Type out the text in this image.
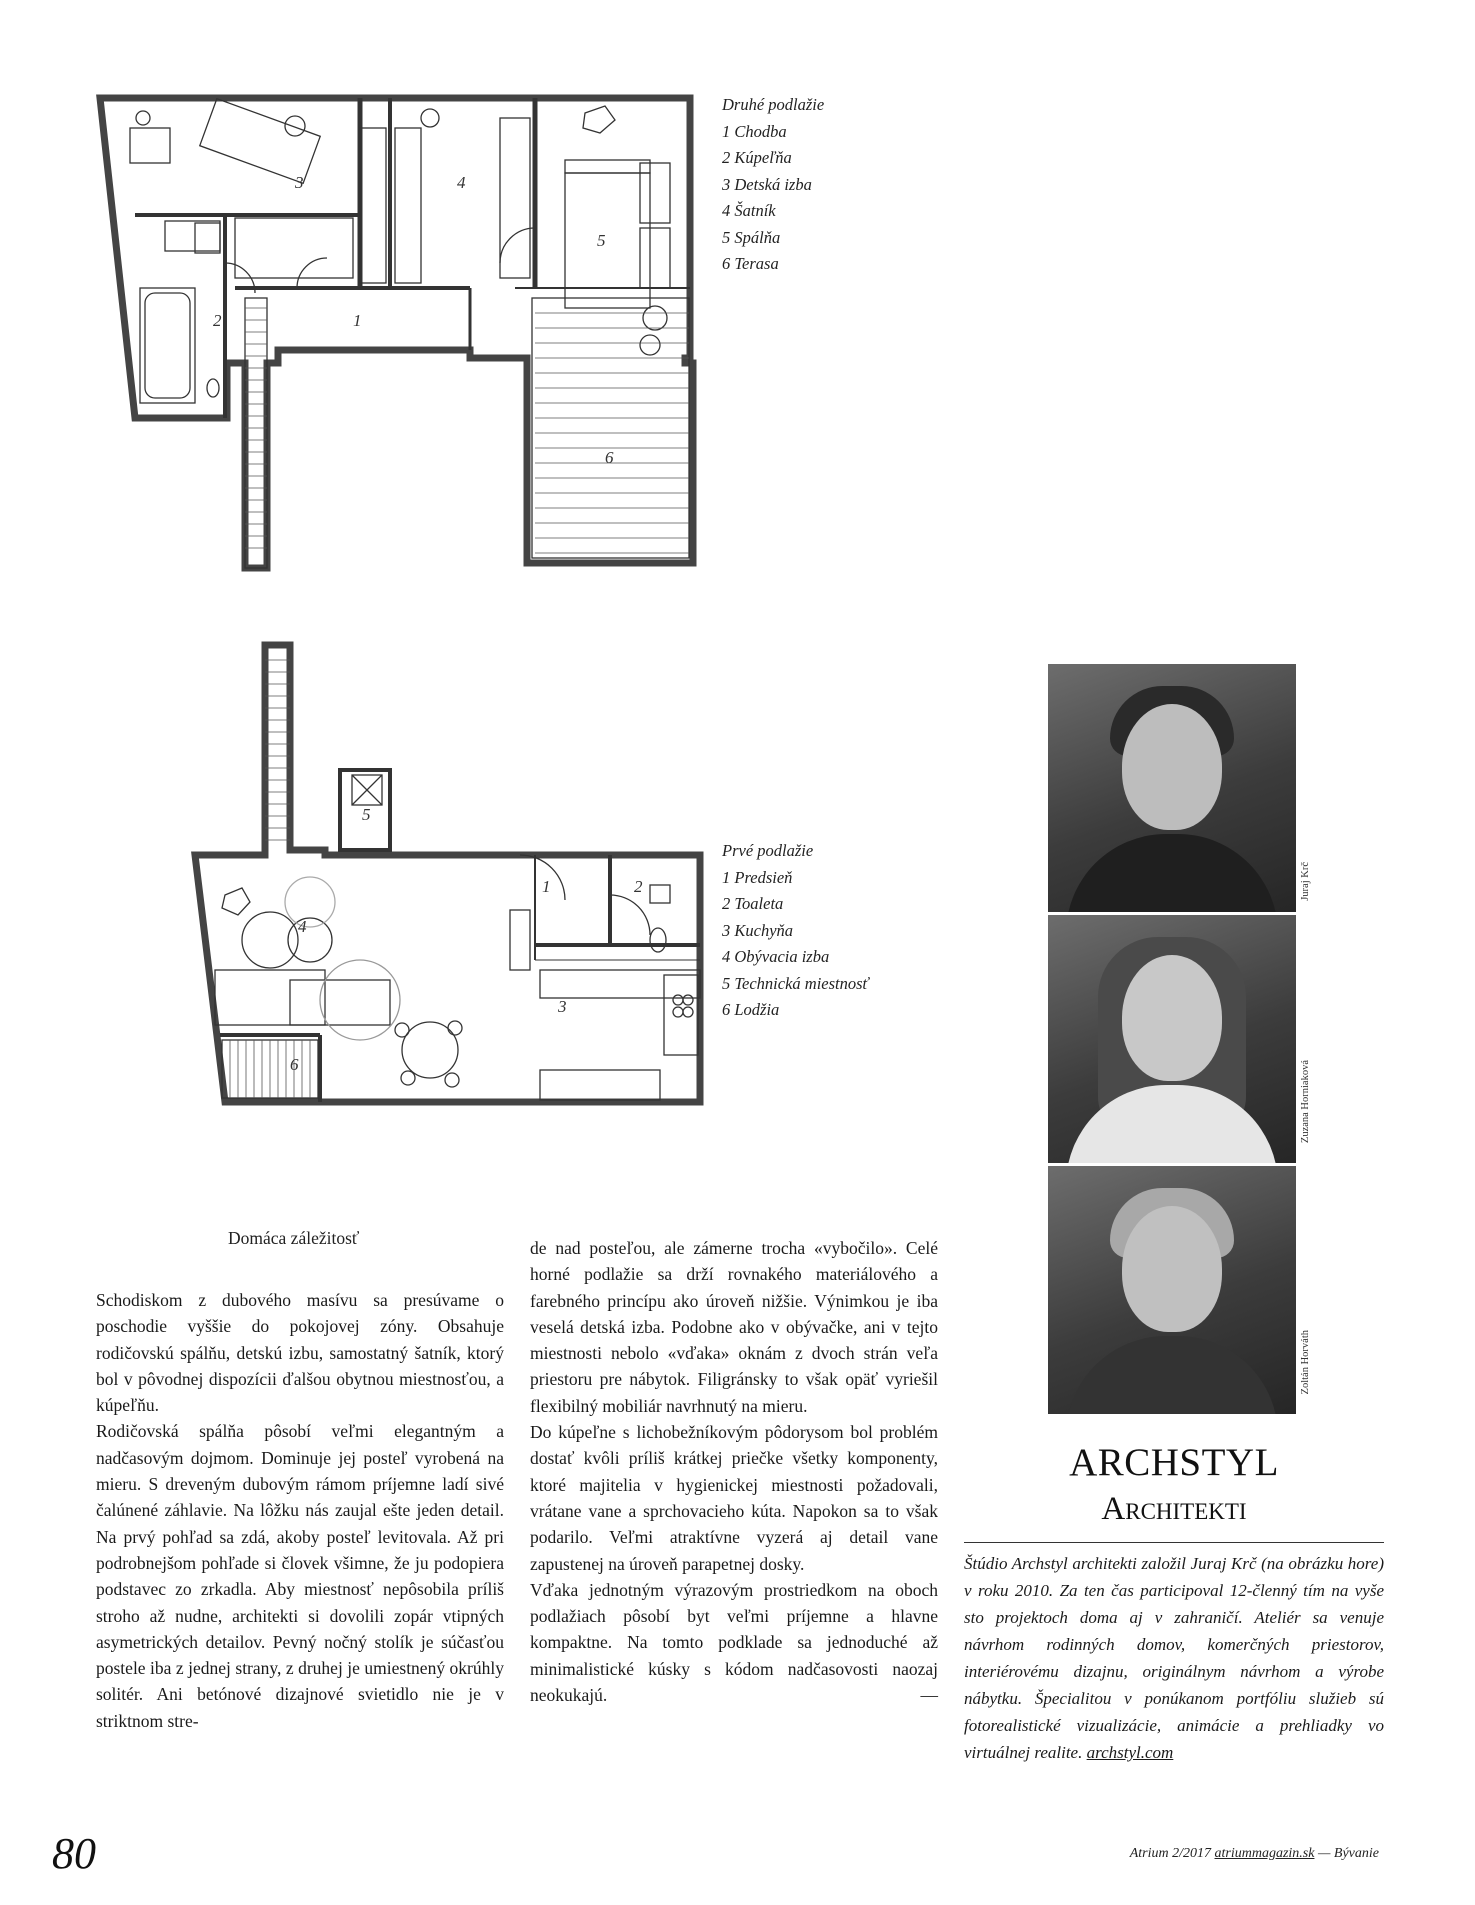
1
2
3	4
5
6
Druhé podlažie
1 Chodba
2 Kúpeľňa
3 Detská izba
4 Šatník
5 Spálňa
6 Terasa
1	2
3
4
5
6
Prvé podlažie
1 Predsieň
2 Toaleta
3 Kuchyňa
4 Obývacia izba
5 Technická miestnosť
6 Lodžia
Juraj Krč
Zuzana Horniaková
Zoltán Horváth
Domáca záležitosť

Schodiskom z dubového masívu sa presúvame o poschodie vyššie do pokojovej zóny. Obsahuje rodičovskú spálňu, detskú izbu, samostatný šatník, ktorý bol v pôvodnej dispozícii ďalšou obytnou miestnosťou, a kúpeľňu.

Rodičovská spálňa pôsobí veľmi elegantným a nadčasovým dojmom. Dominuje jej posteľ vyrobená na mieru. S dreveným dubovým rámom príjemne ladí sivé čalúnené záhlavie. Na lôžku nás zaujal ešte jeden detail. Na prvý pohľad sa zdá, akoby posteľ levitovala. Až pri podrobnejšom pohľade si človek všimne, že ju podopiera podstavec zo zrkadla. Aby miestnosť nepôsobila príliš stroho až nudne, architekti si dovolili zopár vtipných asymetrických detailov. Pevný nočný stolík je súčasťou postele iba z jednej strany, z druhej je umiestnený okrúhly solitér. Ani betónové dizajnové svietidlo nie je v striktnom stre-

de nad posteľou, ale zámerne trocha «vybočilo». Celé horné podlažie sa drží rovnakého materiálového a farebného princípu ako úroveň nižšie. Výnimkou je iba veselá detská izba. Podobne ako v obývačke, ani v tejto miestnosti nebolo «vďaka» oknám z dvoch strán veľa priestoru pre nábytok. Filigránsky to však opäť vyriešil flexibilný mobiliár navrhnutý na mieru.

Do kúpeľne s lichobežníkovým pôdorysom bol problém dostať kvôli príliš krátkej priečke všetky komponenty, ktoré majitelia v hygienickej miestnosti požadovali, vrátane vane a sprchovacieho kúta. Napokon sa to však podarilo. Veľmi atraktívne vyzerá aj detail vane zapustenej na úroveň parapetnej dosky.

Vďaka jednotným výrazovým prostriedkom na oboch podlažiach pôsobí byt veľmi príjemne a hlavne kompaktne. Na tomto podklade sa jednoduché až minimalistické kúsky s kódom nadčasovosti naozaj neokukajú.	—
ARCHSTYL
Architekti
Štúdio Archstyl architekti založil Juraj Krč (na obrázku hore) v roku 2010. Za ten čas participoval 12-členný tím na vyše sto projektoch doma aj v zahraničí. Ateliér sa venuje návrhom rodinných domov, komerčných priestorov, interiérovému dizajnu, originálnym návrhom a výrobe nábytku. Špecialitou v ponúkanom portfóliu služieb sú fotorealistické vizualizácie, animácie a prehliadky vo virtuálnej realite. archstyl.com
80	Atrium 2/2017 atriummagazin.sk — Bývanie
